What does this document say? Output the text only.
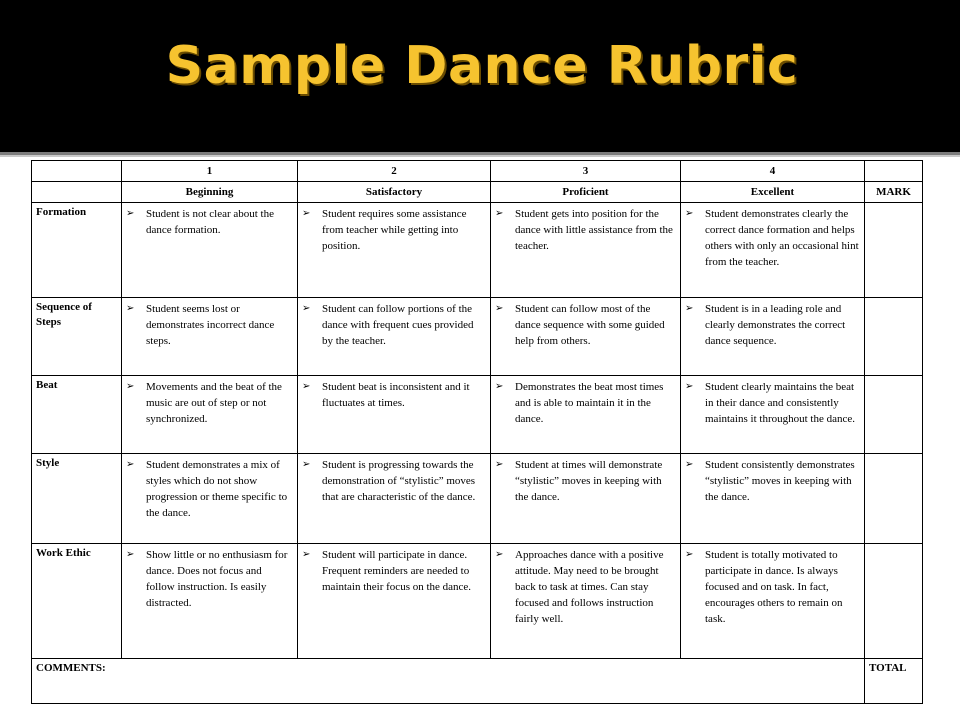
Sample Dance Rubric
	1	2	3	4	
	Beginning	Satisfactory	Proficient	Excellent	MARK
Formation	➢ Student is not clear about the dance formation.	➢ Student requires some assistance from teacher while getting into position.	➢ Student gets into position for the dance with little assistance from the teacher.	➢ Student demonstrates clearly the correct dance formation and helps others with only an occasional hint from the teacher.	

Sequence of Steps	➢ Student seems lost or demonstrates incorrect dance steps.	➢ Student can follow portions of the dance with frequent cues provided by the teacher.	➢ Student can follow most of the dance sequence with some guided help from others.	➢ Student is in a leading role and clearly demonstrates the correct dance sequence.	

Beat	➢ Movements and the beat of the music are out of step or not synchronized.	➢ Student beat is inconsistent and it fluctuates at times.	➢ Demonstrates the beat most times and is able to maintain it in the dance.	➢ Student clearly maintains the beat in their dance and consistently maintains it throughout the dance.	

Style	➢ Student demonstrates a mix of styles which do not show progression or theme specific to the dance.	➢ Student is progressing towards the demonstration of “stylistic” moves that are characteristic of the dance.	➢ Student at times will demonstrate “stylistic” moves in keeping with the dance.	➢ Student consistently demonstrates “stylistic” moves in keeping with the dance.	

Work Ethic	➢ Show little or no enthusiasm for dance. Does not focus and follow instruction. Is easily distracted.	➢ Student will participate in dance. Frequent reminders are needed to maintain their focus on the dance.	➢ Approaches dance with a positive attitude. May need to be brought back to task at times. Can stay focused and follows instruction fairly well.	➢ Student is totally motivated to participate in dance. Is always focused and on task. In fact, encourages others to remain on task.	

COMMENTS:					TOTAL
